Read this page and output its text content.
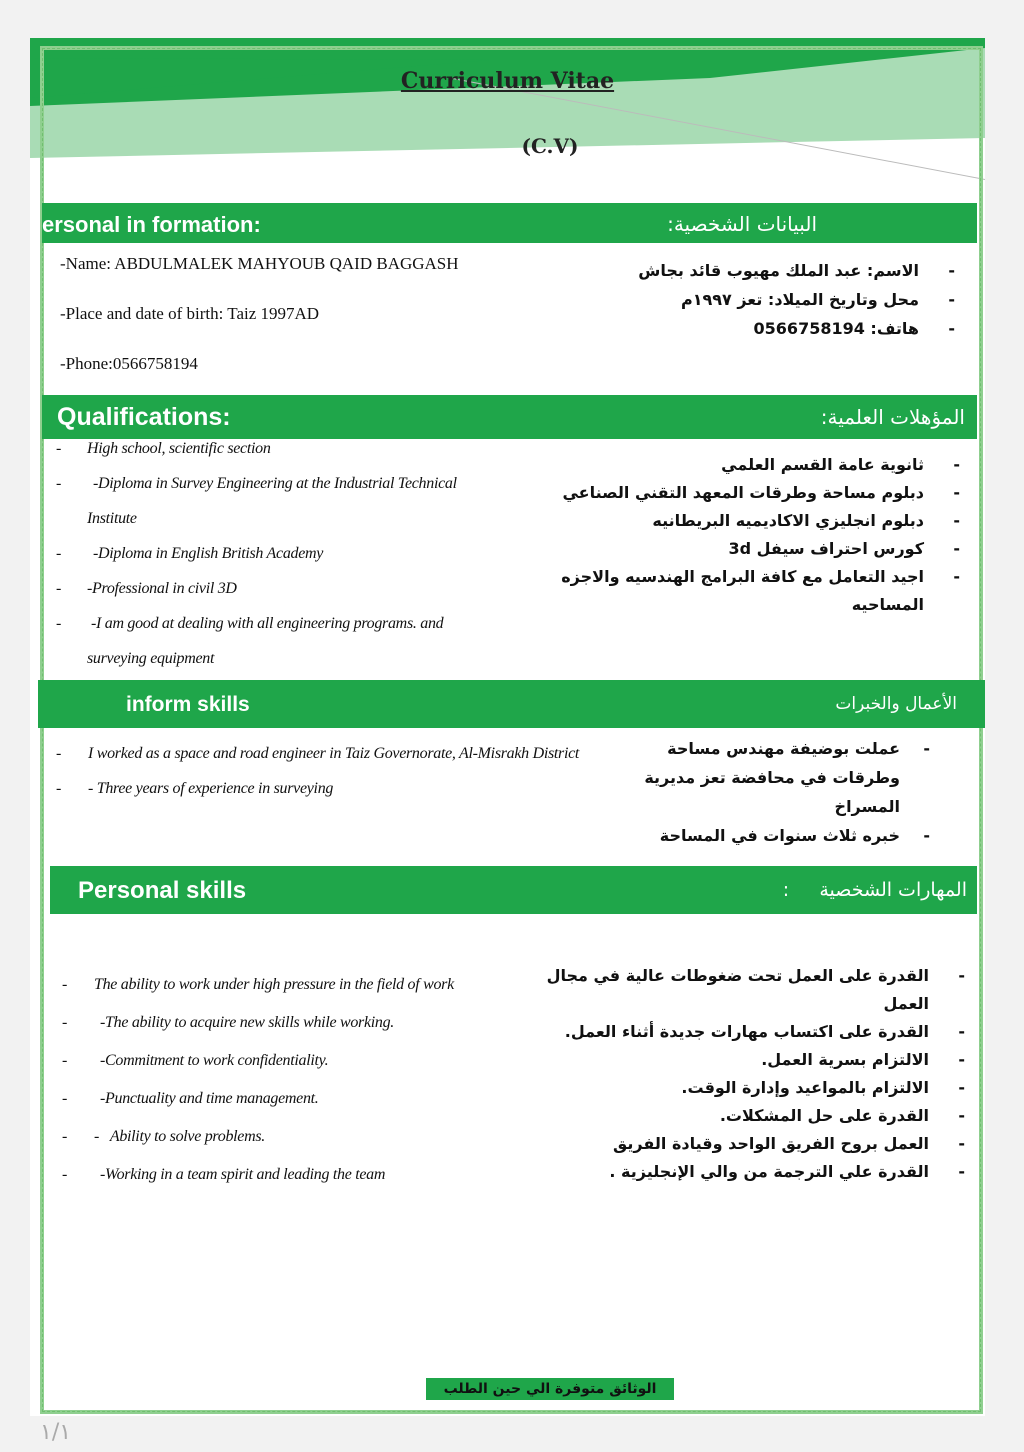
Curriculum Vitae
(C.V)
ersonal in formation:	البيانات الشخصية:
-Name: ABDULMALEK MAHYOUB QAID BAGGASH
-Place and date of birth: Taiz 1997AD
-Phone:0566758194
-
الاسم: عبد الملك مهيوب قائد بجاش
-
محل وتاريخ الميلاد: تعز ١٩٩٧م
-
هاتف: 0566758194
Qualifications:	المؤهلات العلمية:
- High school, scientific section
- -Diploma in Survey Engineering at the Industrial Technical
Institute
- -Diploma in English British Academy
- -Professional in civil 3D
- -I am good at dealing with all engineering programs. and
surveying equipment
-
ثانوية عامة القسم العلمي
-
دبلوم مساحة وطرقات المعهد التقني الصناعي
-
دبلوم انجليزي الاكاديميه البريطانيه
-
كورس احتراف سيفل 3d
-
اجيد التعامل مع كافة البرامج الهندسيه والاجزه المساحيه
inform skills	الأعمال والخبرات
- I worked as a space and road engineer in Taiz Governorate, Al-Misrakh District
- - Three years of experience in surveying
-
عملت بوضيفة مهندس مساحة وطرقات في محافضة تعز مديرية المسراخ
-
خبره ثلاث سنوات في المساحة
Personal skills	المهارات الشخصية     :
- The ability to work under high pressure in the field of work
- -The ability to acquire new skills while working.
- -Commitment to work confidentiality.
- -Punctuality and time management.
- -   Ability to solve problems.
- -Working in a team spirit and leading the team
-
القدرة على العمل تحت ضغوطات عالية في مجال العمل
-
القدرة على اكتساب مهارات جديدة أثناء العمل.
-
الالتزام بسرية العمل.
-
الالتزام بالمواعيد وإدارة الوقت.
-
القدرة على حل المشكلات.
-
العمل بروح الفريق الواحد وقيادة الفريق
-
القدرة علي الترجمة من والي الإنجليزية .
الوثائق متوفرة الي حين الطلب
١/١
